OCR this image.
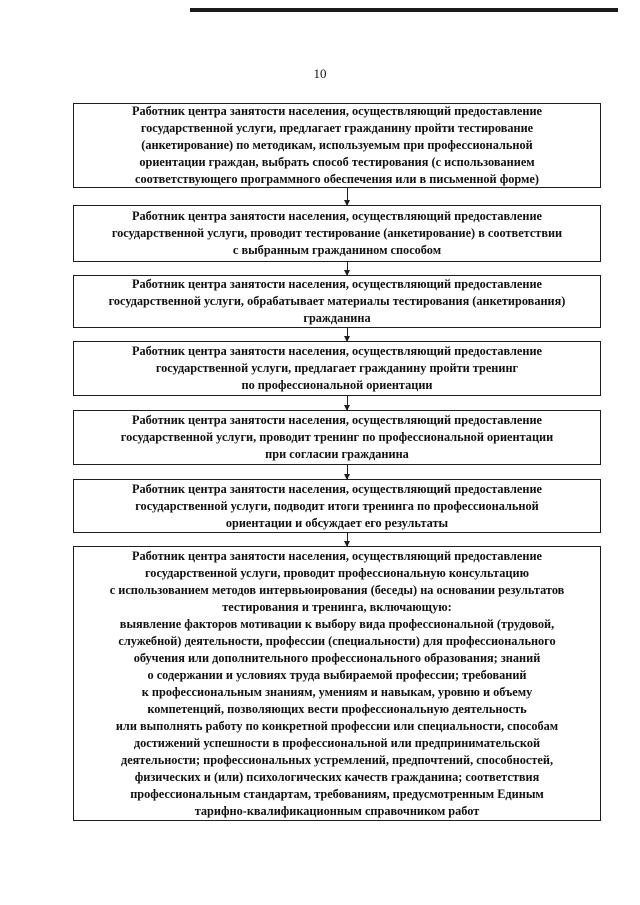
10
Работник центра занятости населения, осуществляющий предоставление
государственной услуги, предлагает гражданину пройти тестирование
(анкетирование) по методикам, используемым при профессиональной
ориентации граждан, выбрать способ тестирования (с использованием
соответствующего программного обеспечения или в письменной форме)
Работник центра занятости населения, осуществляющий предоставление
государственной услуги, проводит тестирование (анкетирование) в соответствии
с выбранным гражданином способом
Работник центра занятости населения, осуществляющий предоставление
государственной услуги, обрабатывает материалы тестирования (анкетирования)
гражданина
Работник центра занятости населения, осуществляющий предоставление
государственной услуги, предлагает гражданину пройти тренинг
по профессиональной ориентации
Работник центра занятости населения, осуществляющий предоставление
государственной услуги, проводит тренинг по профессиональной ориентации
при согласии гражданина
Работник центра занятости населения, осуществляющий предоставление
государственной услуги, подводит итоги тренинга по профессиональной
ориентации и обсуждает его результаты
Работник центра занятости населения, осуществляющий предоставление
государственной услуги, проводит профессиональную консультацию
с использованием методов интервьюирования (беседы) на основании результатов
тестирования и тренинга, включающую:
выявление факторов мотивации к выбору вида профессиональной (трудовой,
служебной) деятельности, профессии (специальности) для профессионального
обучения или дополнительного профессионального образования; знаний
о содержании и условиях труда выбираемой профессии; требований
к профессиональным знаниям, умениям и навыкам, уровню и объему
компетенций, позволяющих вести профессиональную деятельность
или выполнять работу по конкретной профессии или специальности, способам
достижений успешности в профессиональной или предпринимательской
деятельности; профессиональных устремлений, предпочтений, способностей,
физических и (или) психологических качеств гражданина; соответствия
профессиональным стандартам, требованиям, предусмотренным Единым
тарифно-квалификационным справочником работ
